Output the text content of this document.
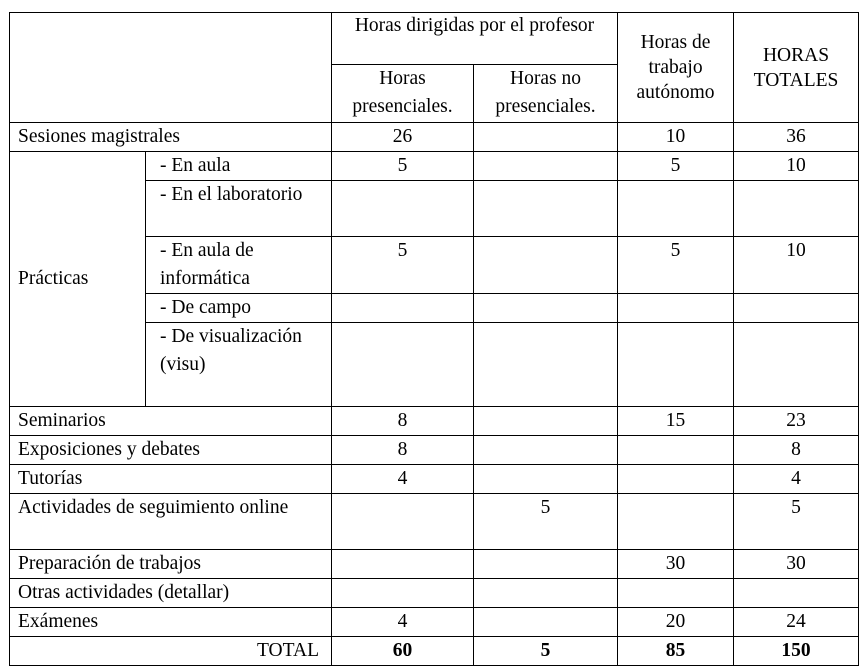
		Horas dirigidas por el profesor		Horas de trabajo autónomo	HORAS TOTALES
		Horas presenciales.	Horas no presenciales.		
Sesiones magistrales		26		10	36
Prácticas	- En aula	5		5	10
	- En el laboratorio				
	- En aula de informática	5		5	10
	- De campo				
	- De visualización (visu)				
Seminarios		8		15	23
Exposiciones y debates		8			8
Tutorías		4			4
Actividades de seguimiento online			5		5
Preparación de trabajos				30	30
Otras actividades (detallar)					
Exámenes		4		20	24
TOTAL		60	5	85	150
